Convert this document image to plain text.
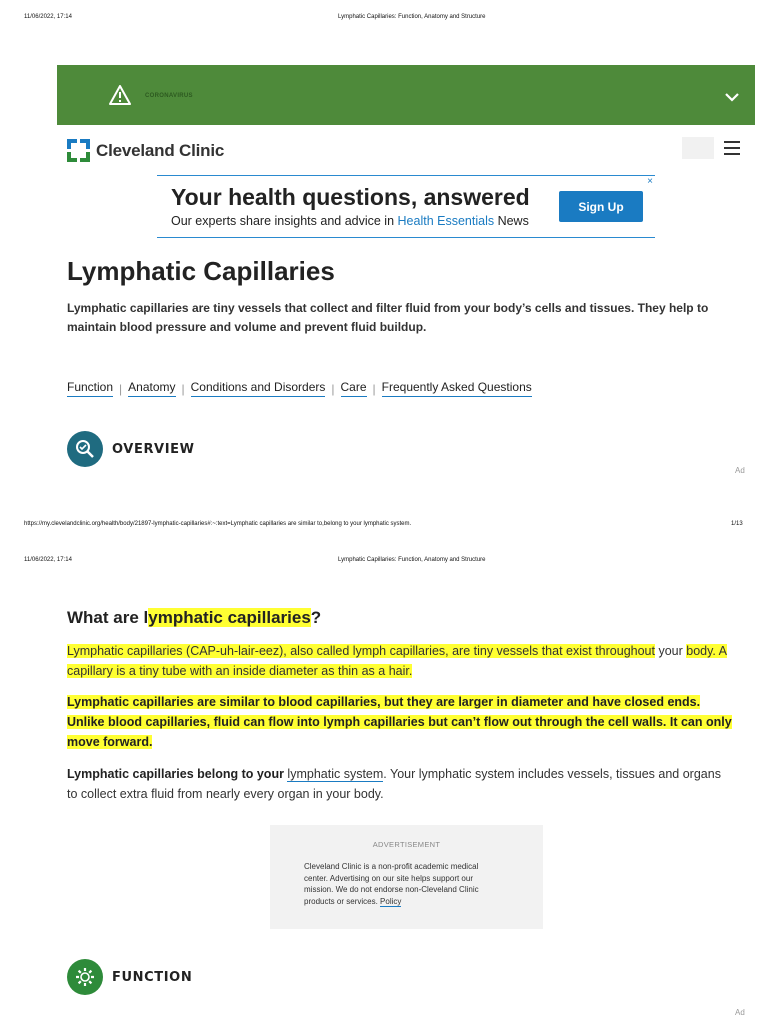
11/06/2022, 17:14	Lymphatic Capillaries: Function, Anatomy and Structure
CORONAVIRUS
Cleveland Clinic
Your health questions, answered
Our experts share insights and advice in Health Essentials News
Sign Up
×
Lymphatic Capillaries
Lymphatic capillaries are tiny vessels that collect and filter fluid from your body’s cells and tissues. They help to maintain blood pressure and volume and prevent fluid buildup.
Function | Anatomy | Conditions and Disorders | Care | Frequently Asked Questions
OVERVIEW
Ad
https://my.clevelandclinic.org/health/body/21897-lymphatic-capillaries#:~:text=Lymphatic capillaries are similar to,belong to your lymphatic system.	1/13
11/06/2022, 17:14	Lymphatic Capillaries: Function, Anatomy and Structure
What are lymphatic capillaries?

Lymphatic capillaries (CAP-uh-lair-eez), also called lymph capillaries, are tiny vessels that exist throughout your body. A capillary is a tiny tube with an inside diameter as thin as a hair.

Lymphatic capillaries are similar to blood capillaries, but they are larger in diameter and have closed ends. Unlike blood capillaries, fluid can flow into lymph capillaries but can’t flow out through the cell walls. It can only move forward.

Lymphatic capillaries belong to your lymphatic system. Your lymphatic system includes vessels, tissues and organs to collect extra fluid from nearly every organ in your body.

ADVERTISEMENT
Cleveland Clinic is a non-profit academic medical center. Advertising on our site helps support our mission. We do not endorse non-Cleveland Clinic products or services. Policy
FUNCTION
Ad
